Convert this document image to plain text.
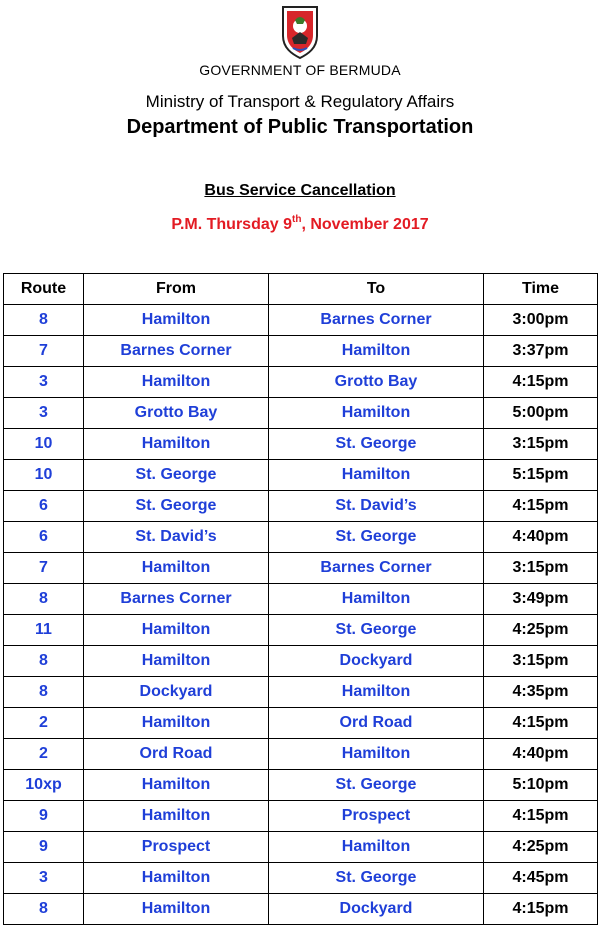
GOVERNMENT OF BERMUDA
Ministry of Transport & Regulatory Affairs
Department of Public Transportation
Bus Service Cancellation
P.M. Thursday 9th, November 2017
Route	From	To	Time
8	Hamilton	Barnes Corner	3:00pm
7	Barnes Corner	Hamilton	3:37pm
3	Hamilton	Grotto Bay	4:15pm
3	Grotto Bay	Hamilton	5:00pm
10	Hamilton	St. George	3:15pm
10	St. George	Hamilton	5:15pm
6	St. George	St. David’s	4:15pm
6	St. David’s	St. George	4:40pm
7	Hamilton	Barnes Corner	3:15pm
8	Barnes Corner	Hamilton	3:49pm
11	Hamilton	St. George	4:25pm
8	Hamilton	Dockyard	3:15pm
8	Dockyard	Hamilton	4:35pm
2	Hamilton	Ord Road	4:15pm
2	Ord Road	Hamilton	4:40pm
10xp	Hamilton	St. George	5:10pm
9	Hamilton	Prospect	4:15pm
9	Prospect	Hamilton	4:25pm
3	Hamilton	St. George	4:45pm
8	Hamilton	Dockyard	4:15pm
